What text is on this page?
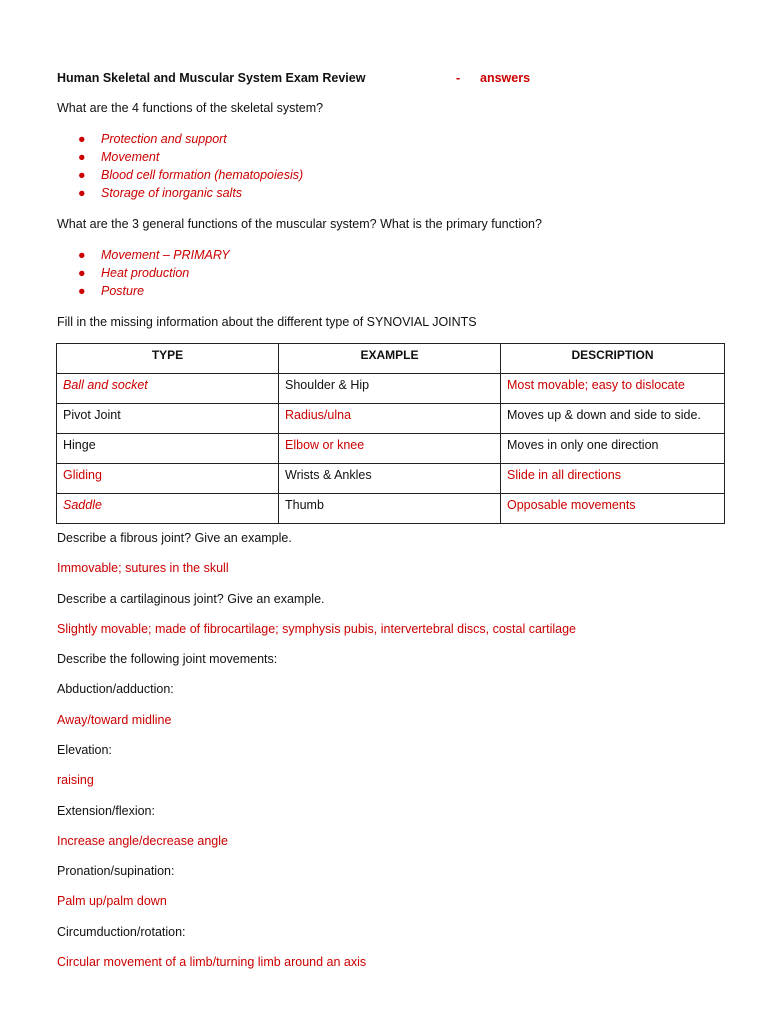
Human Skeletal and Muscular System Exam Review	- answers
What are the 4 functions of the skeletal system?
● Protection and support
● Movement
● Blood cell formation (hematopoiesis)
● Storage of inorganic salts
What are the 3 general functions of the muscular system? What is the primary function?
● Movement – PRIMARY
● Heat production
● Posture
Fill in the missing information about the different type of SYNOVIAL JOINTS
TYPE	EXAMPLE	DESCRIPTION
Ball and socket	Shoulder & Hip	Most movable; easy to dislocate
Pivot Joint	Radius/ulna	Moves up & down and side to side.
Hinge	Elbow or knee	Moves in only one direction
Gliding	Wrists & Ankles	Slide in all directions
Saddle	Thumb	Opposable movements
Describe a fibrous joint? Give an example.
Immovable; sutures in the skull
Describe a cartilaginous joint? Give an example.
Slightly movable; made of fibrocartilage; symphysis pubis, intervertebral discs, costal cartilage
Describe the following joint movements:
Abduction/adduction:
Away/toward midline
Elevation:
raising
Extension/flexion:
Increase angle/decrease angle
Pronation/supination:
Palm up/palm down
Circumduction/rotation:
Circular movement of a limb/turning limb around an axis
